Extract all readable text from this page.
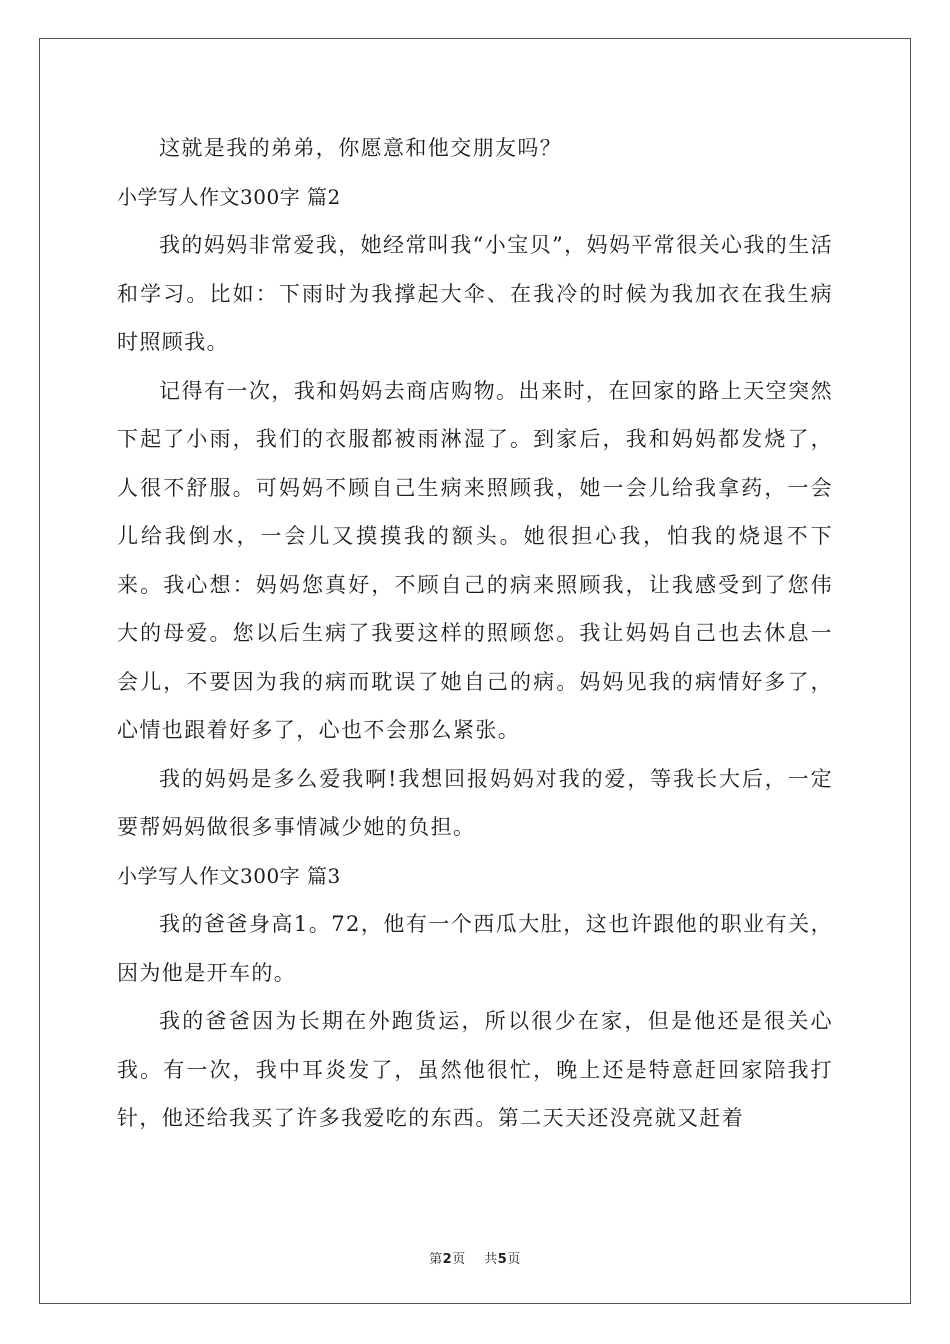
这就是我的弟弟，你愿意和他交朋友吗？

小学写人作文300字 篇2

我的妈妈非常爱我，她经常叫我“小宝贝”，妈妈平常很关心我的生活和学习。比如：下雨时为我撑起大伞、在我冷的时候为我加衣在我生病时照顾我。

记得有一次，我和妈妈去商店购物。出来时，在回家的路上天空突然下起了小雨，我们的衣服都被雨淋湿了。到家后，我和妈妈都发烧了，人很不舒服。可妈妈不顾自己生病来照顾我，她一会儿给我拿药，一会儿给我倒水，一会儿又摸摸我的额头。她很担心我，怕我的烧退不下来。我心想：妈妈您真好，不顾自己的病来照顾我，让我感受到了您伟大的母爱。您以后生病了我要这样的照顾您。我让妈妈自己也去休息一会儿，不要因为我的病而耽误了她自己的病。妈妈见我的病情好多了，心情也跟着好多了，心也不会那么紧张。

我的妈妈是多么爱我啊!我想回报妈妈对我的爱，等我长大后，一定要帮妈妈做很多事情减少她的负担。

小学写人作文300字 篇3

我的爸爸身高1。72，他有一个西瓜大肚，这也许跟他的职业有关，因为他是开车的。

我的爸爸因为长期在外跑货运，所以很少在家，但是他还是很关心我。有一次，我中耳炎发了，虽然他很忙，晚上还是特意赶回家陪我打针，他还给我买了许多我爱吃的东西。第二天天还没亮就又赶着

第2页 共5页
